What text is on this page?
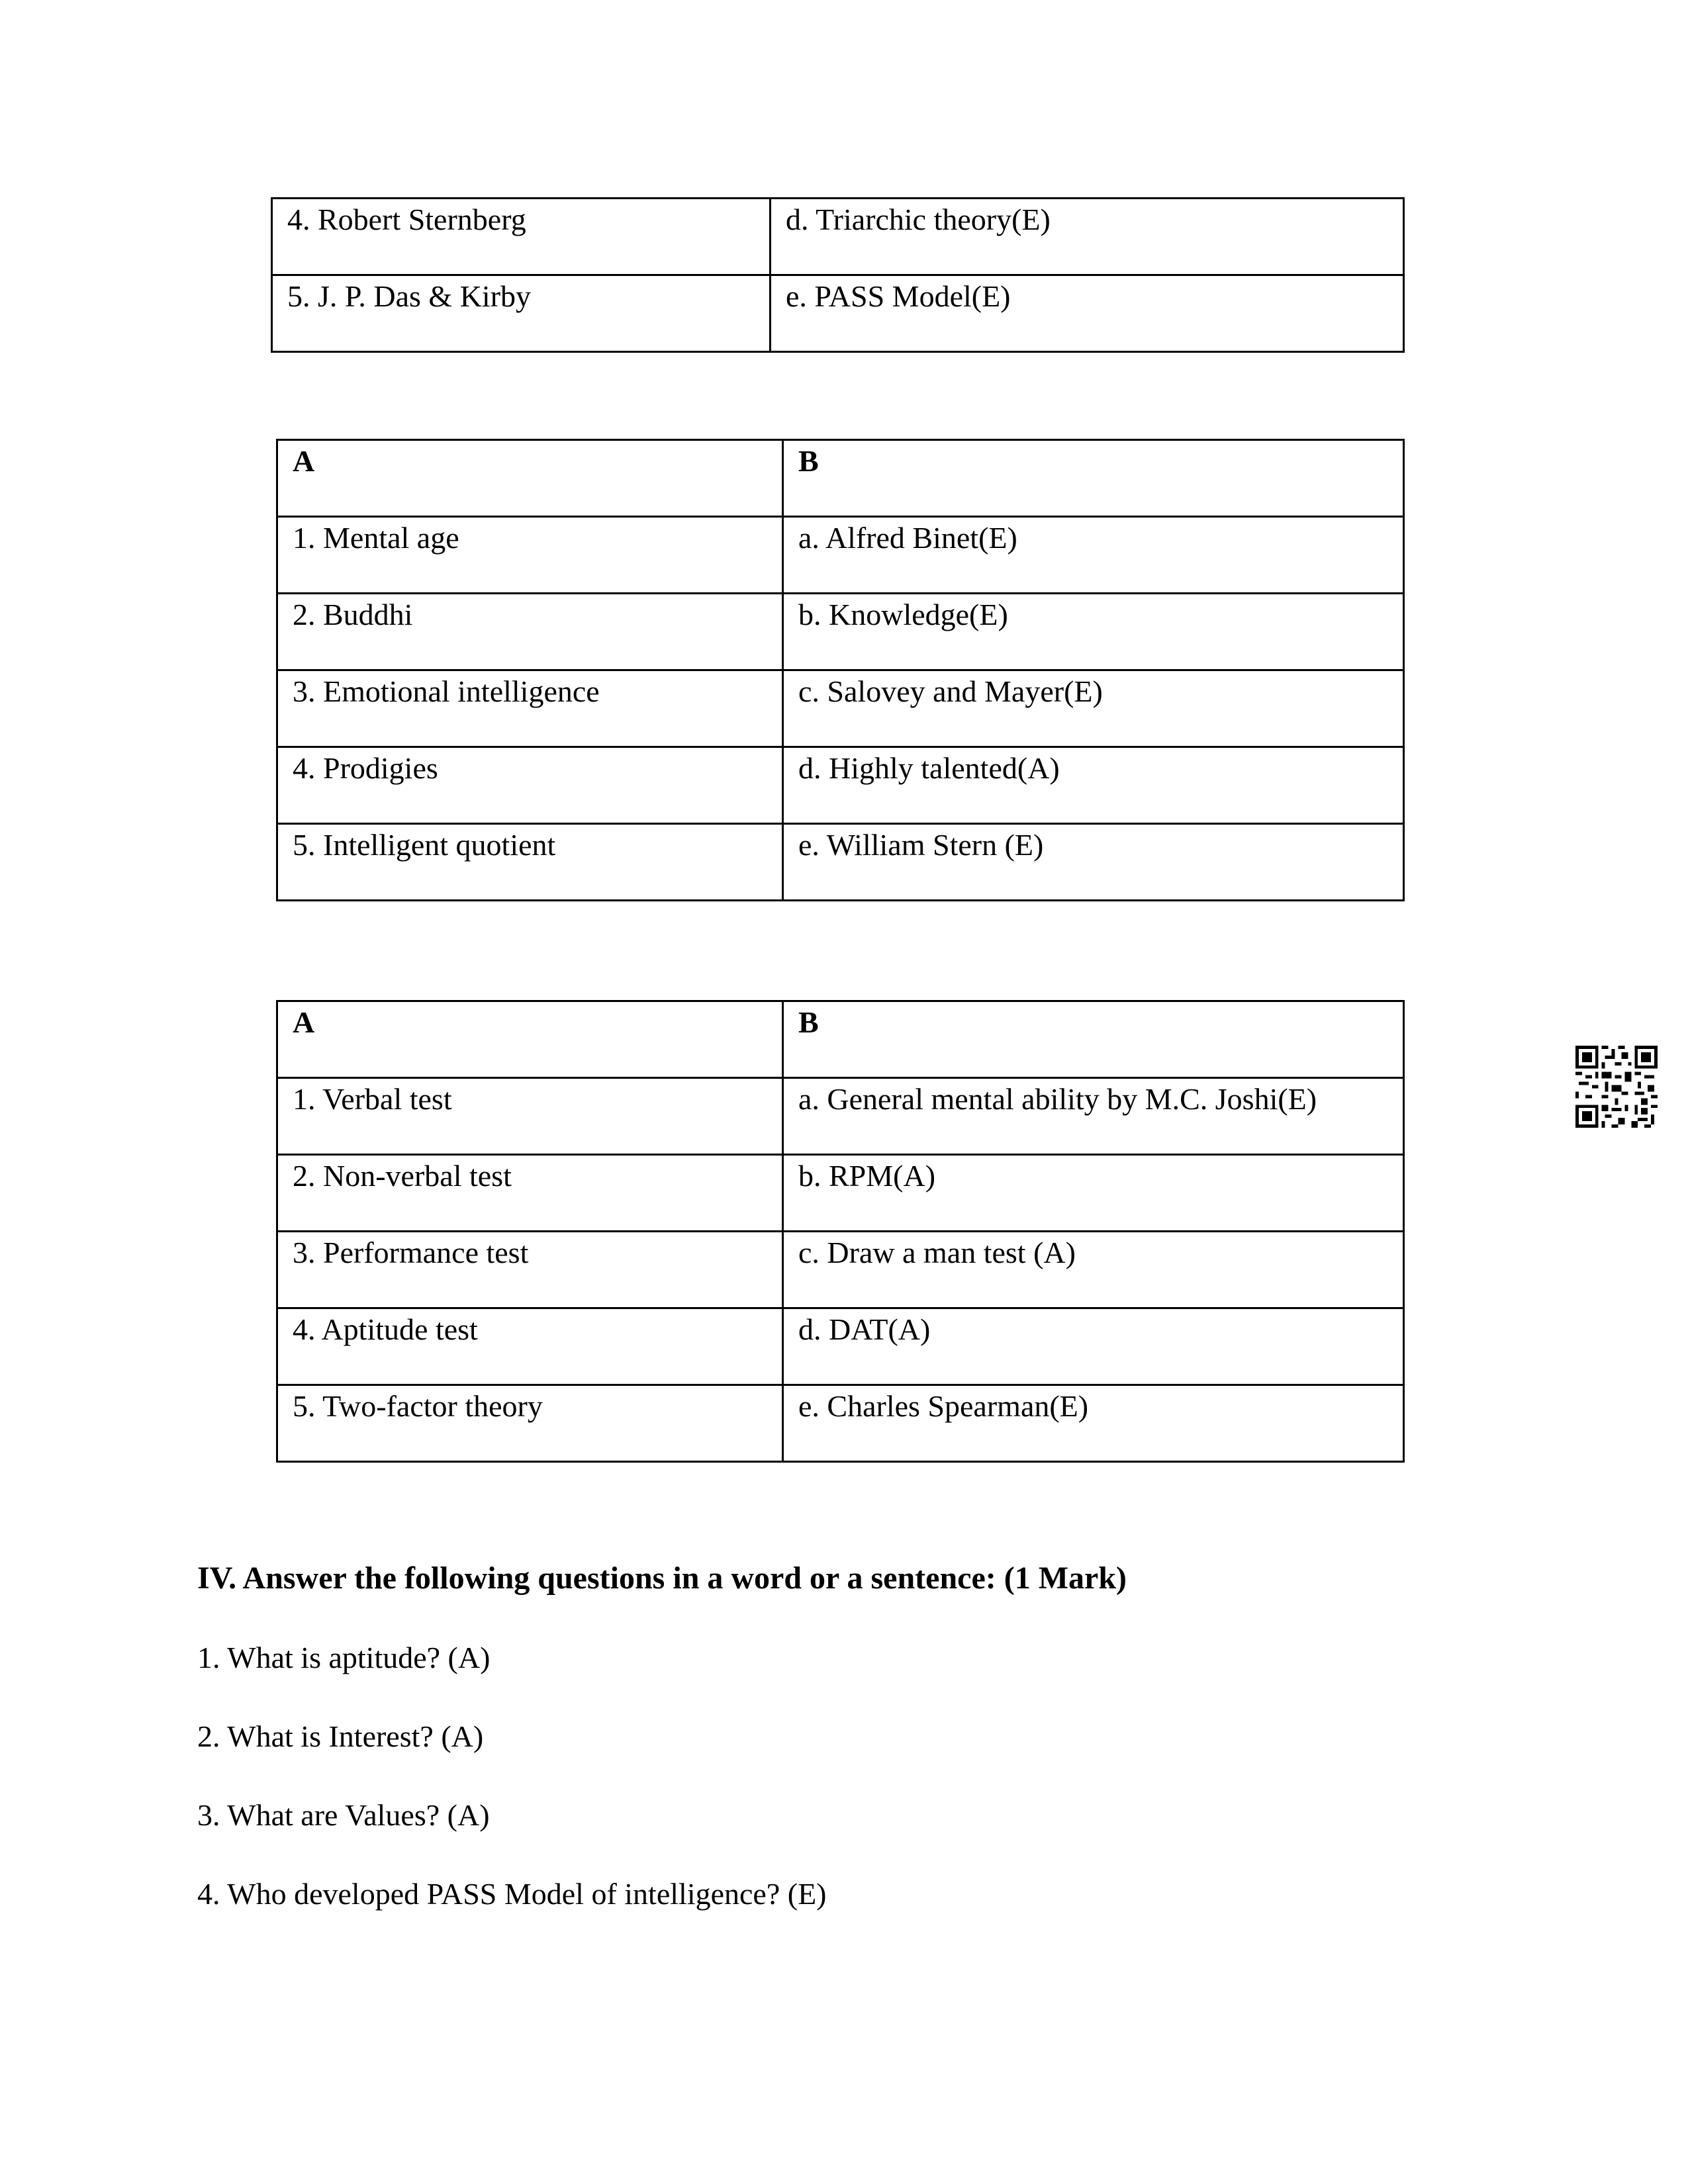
4. Robert Sternberg	d. Triarchic theory(E)

5. J. P. Das & Kirby	e. PASS Model(E)
A	B

1. Mental age	a. Alfred Binet(E)

2. Buddhi	b. Knowledge(E)

3. Emotional intelligence	c. Salovey and Mayer(E)

4. Prodigies	d. Highly talented(A)

5. Intelligent quotient	e. William Stern (E)
A	B

1. Verbal test	a. General mental ability by M.C. Joshi(E)

2. Non-verbal test	b. RPM(A)

3. Performance test	c. Draw a man test (A)

4. Aptitude test	d. DAT(A)

5. Two-factor theory	e. Charles Spearman(E)
IV. Answer the following questions in a word or a sentence: (1 Mark)
1. What is aptitude? (A)
2. What is Interest? (A)
3. What are Values? (A)
4. Who developed PASS Model of intelligence? (E)
